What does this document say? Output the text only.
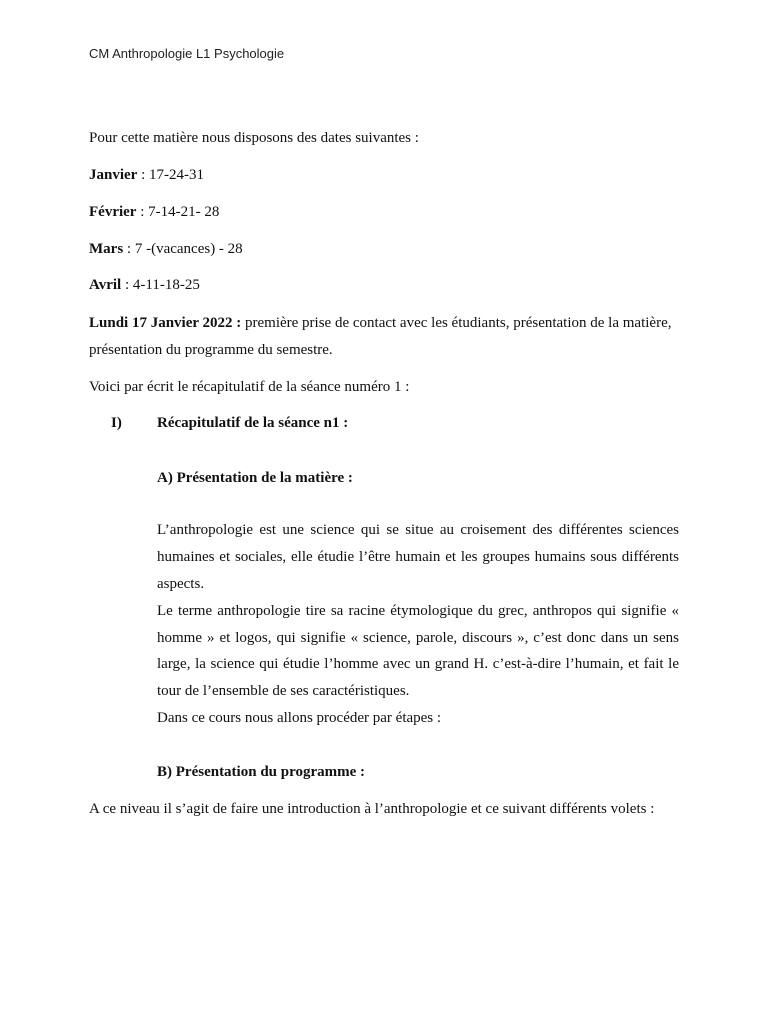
CM Anthropologie L1 Psychologie
Pour cette matière nous disposons des dates suivantes :
Janvier : 17-24-31
Février : 7-14-21- 28
Mars : 7 -(vacances) - 28
Avril : 4-11-18-25
Lundi 17 Janvier 2022 : première prise de contact avec les étudiants, présentation de la matière,
présentation du programme du semestre.
Voici par écrit le récapitulatif de la séance numéro 1 :
I) Récapitulatif de la séance n1 :
A) Présentation de la matière :
L’anthropologie est une science qui se situe au croisement des différentes sciences
humaines et sociales, elle étudie l’être humain et les groupes humains sous différents
aspects.
Le terme anthropologie tire sa racine étymologique du grec, anthropos qui signifie «
homme » et logos, qui signifie « science, parole, discours », c’est donc dans un sens
large, la science qui étudie l’homme avec un grand H. c’est-à-dire l’humain, et fait le
tour de l’ensemble de ses caractéristiques.
Dans ce cours nous allons procéder par étapes :
B) Présentation du programme :
A ce niveau il s’agit de faire une introduction à l’anthropologie et ce suivant différents volets :
